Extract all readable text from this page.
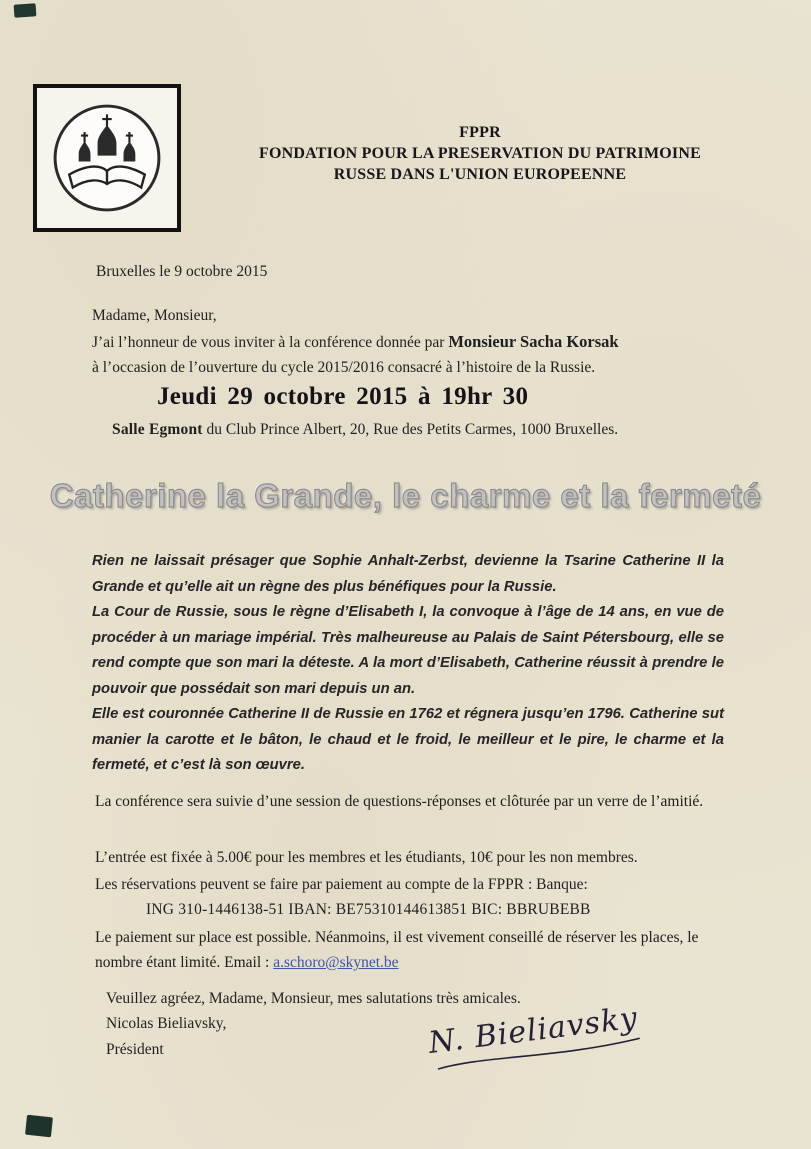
FPPR
FONDATION POUR LA PRESERVATION DU PATRIMOINE
RUSSE DANS L'UNION EUROPEENNE
Bruxelles le 9 octobre 2015
Madame, Monsieur,
J’ai l’honneur de vous inviter à la conférence donnée par Monsieur Sacha Korsak
à l’occasion de l’ouverture du cycle 2015/2016 consacré à l’histoire de la Russie.
Jeudi 29 octobre 2015 à 19hr 30
Salle Egmont du Club Prince Albert, 20, Rue des Petits Carmes, 1000 Bruxelles.
Catherine la Grande, le charme et la fermeté

Rien ne laissait présager que Sophie Anhalt-Zerbst, devienne la Tsarine Catherine II la Grande et qu’elle ait un règne des plus bénéfiques pour la Russie.

La Cour de Russie, sous le règne d’Elisabeth I, la convoque à l’âge de 14 ans, en vue de procéder à un mariage impérial. Très malheureuse au Palais de Saint Pétersbourg, elle se rend compte que son mari la déteste. A la mort d’Elisabeth, Catherine réussit à prendre le pouvoir que possédait son mari depuis un an.

Elle est couronnée Catherine II de Russie en 1762 et régnera jusqu’en 1796. Catherine sut manier la carotte et le bâton, le chaud et le froid, le meilleur et le pire, le charme et la fermeté, et c’est là son œuvre.

La conférence sera suivie d’une session de questions-réponses et clôturée par un verre de l’amitié.
L’entrée est fixée à 5.00€ pour les membres et les étudiants, 10€ pour les non membres.
Les réservations peuvent se faire par paiement au compte de la FPPR : Banque:
ING 310-1446138-51 IBAN: BE75310144613851 BIC: BBRUBEBB
Le paiement sur place est possible. Néanmoins, il est vivement conseillé de réserver les places, le nombre étant limité. Email : a.schoro@skynet.be
Veuillez agréez, Madame, Monsieur, mes salutations très amicales.
Nicolas Bieliavsky,
Président	N. Bieliavsky
